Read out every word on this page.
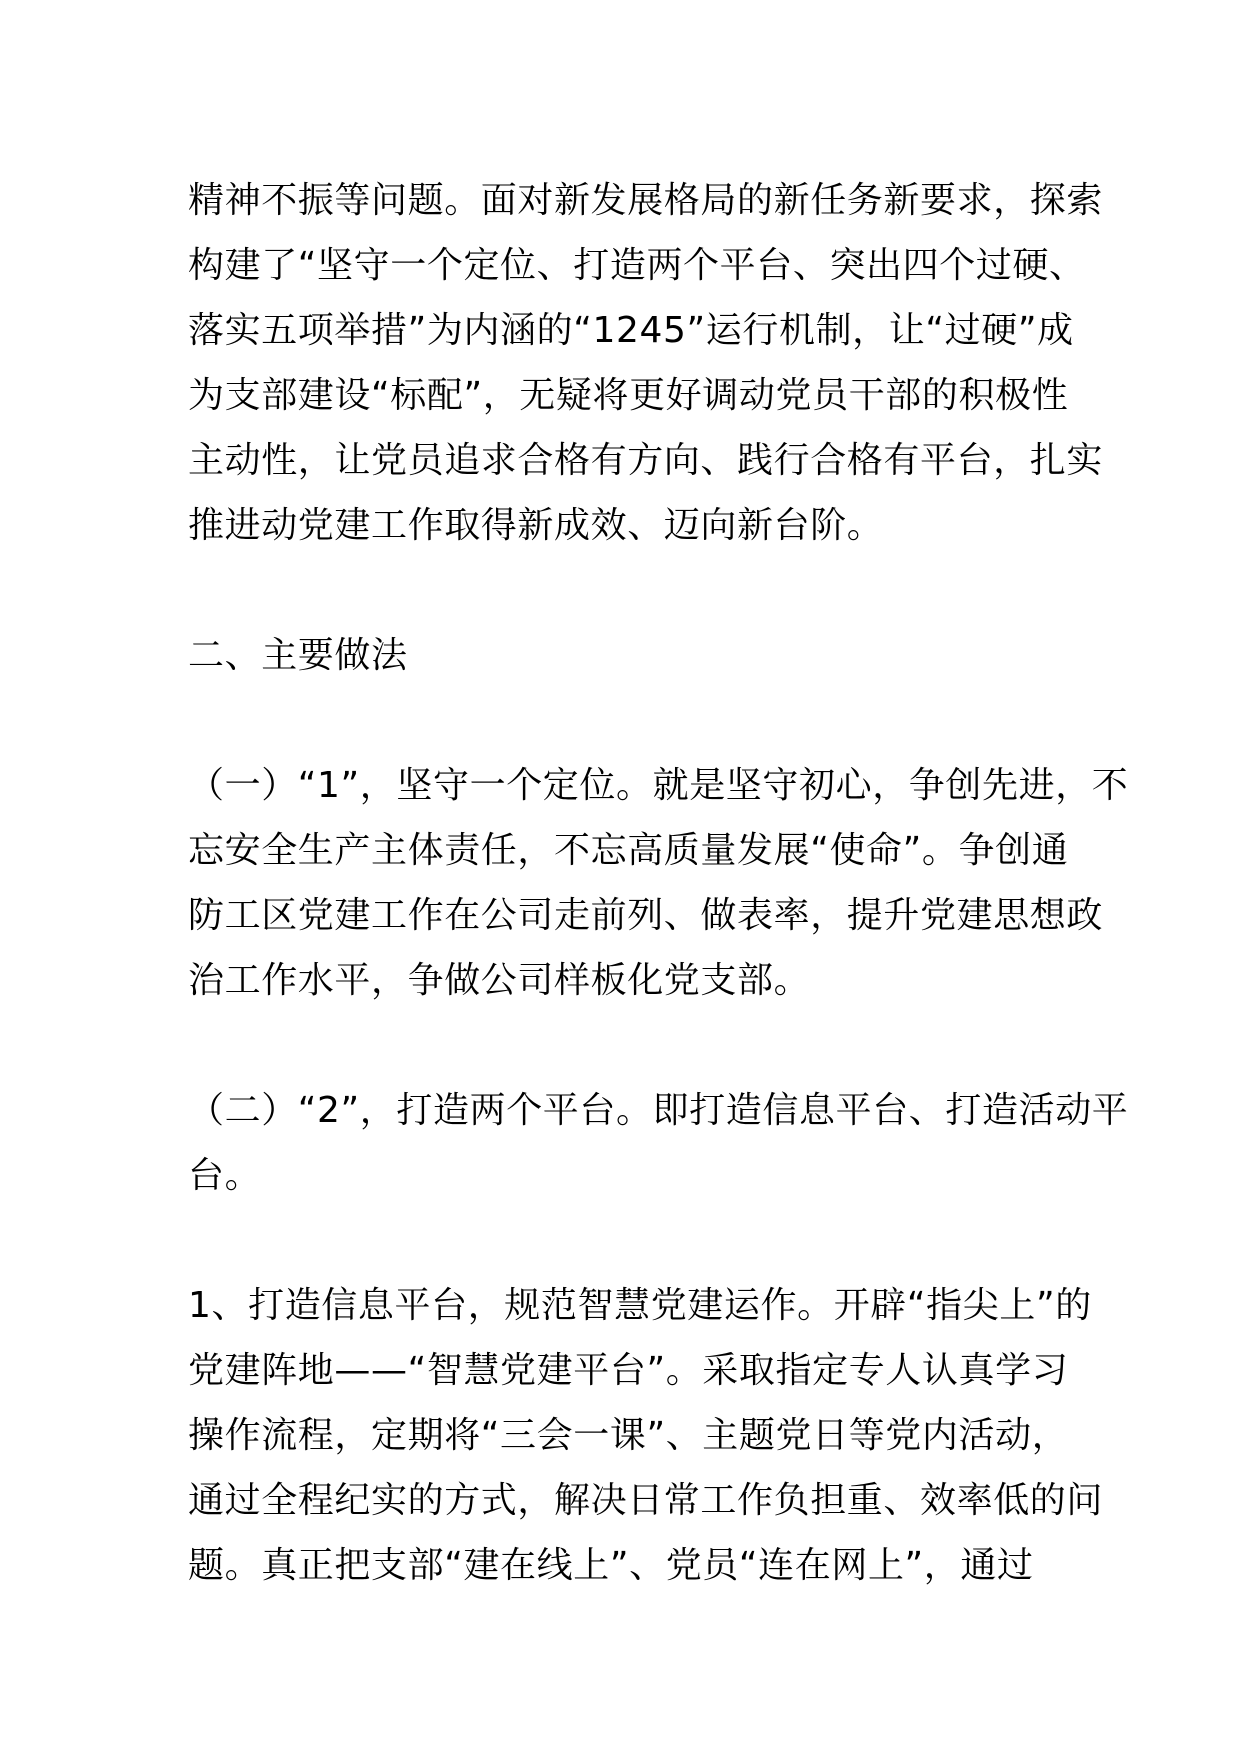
精神不振等问题。面对新发展格局的新任务新要求，探索
构建了“坚守一个定位、打造两个平台、突出四个过硬、
落实五项举措”为内涵的“1245”运行机制，让“过硬”成
为支部建设“标配”，无疑将更好调动党员干部的积极性
主动性，让党员追求合格有方向、践行合格有平台，扎实
推进动党建工作取得新成效、迈向新台阶。
二、主要做法
（一）“1”，坚守一个定位。就是坚守初心，争创先进，不
忘安全生产主体责任，不忘高质量发展“使命”。争创通
防工区党建工作在公司走前列、做表率，提升党建思想政
治工作水平，争做公司样板化党支部。
（二）“2”，打造两个平台。即打造信息平台、打造活动平
台。
1、打造信息平台，规范智慧党建运作。开辟“指尖上”的
党建阵地——“智慧党建平台”。采取指定专人认真学习
操作流程，定期将“三会一课”、主题党日等党内活动，
通过全程纪实的方式，解决日常工作负担重、效率低的问
题。真正把支部“建在线上”、党员“连在网上”，通过
